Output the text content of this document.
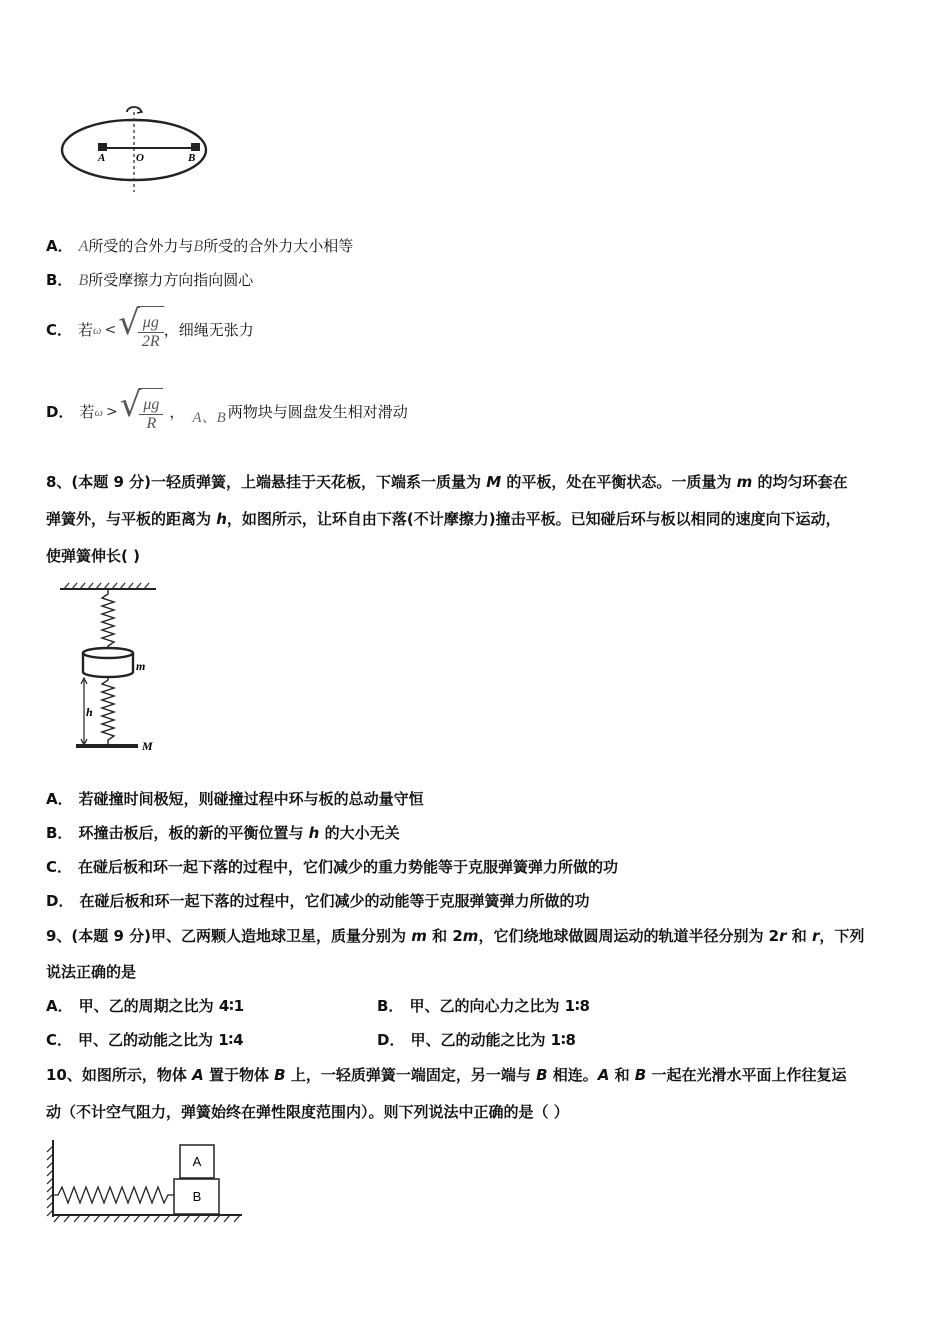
A	O	B
A． A所受的合外力与B所受的合外力大小相等
B． B所受摩擦力方向指向圆心
C． 若 ω < √
$\frac{\mu g}{2R}$ ，细绳无张力
D． 若 ω > √
$\frac{\mu g}{R}$ ， A、B 两物块与圆盘发生相对滑动
8、(本题 9 分)一轻质弹簧，上端悬挂于天花板，下端系一质量为 M 的平板，处在平衡状态。一质量为 m 的均匀环套在
弹簧外，与平板的距离为 h，如图所示，让环自由下落(不计摩擦力)撞击平板。已知碰后环与板以相同的速度向下运动，
使弹簧伸长( )
m
h
M
A． 若碰撞时间极短，则碰撞过程中环与板的总动量守恒
B． 环撞击板后，板的新的平衡位置与 h 的大小无关
C． 在碰后板和环一起下落的过程中，它们减少的重力势能等于克服弹簧弹力所做的功
D． 在碰后板和环一起下落的过程中，它们减少的动能等于克服弹簧弹力所做的功
9、(本题 9 分)甲、乙两颗人造地球卫星，质量分别为 m 和 2m，它们绕地球做圆周运动的轨道半径分别为 2r 和 r，下列
说法正确的是
A． 甲、乙的周期之比为 4∶1	B． 甲、乙的向心力之比为 1∶8
C． 甲、乙的动能之比为 1∶4	D． 甲、乙的动能之比为 1∶8
10、如图所示，物体 A 置于物体 B 上，一轻质弹簧一端固定，另一端与 B 相连。A 和 B 一起在光滑水平面上作往复运
动（不计空气阻力，弹簧始终在弹性限度范围内）。则下列说法中正确的是（ ）
A
B
